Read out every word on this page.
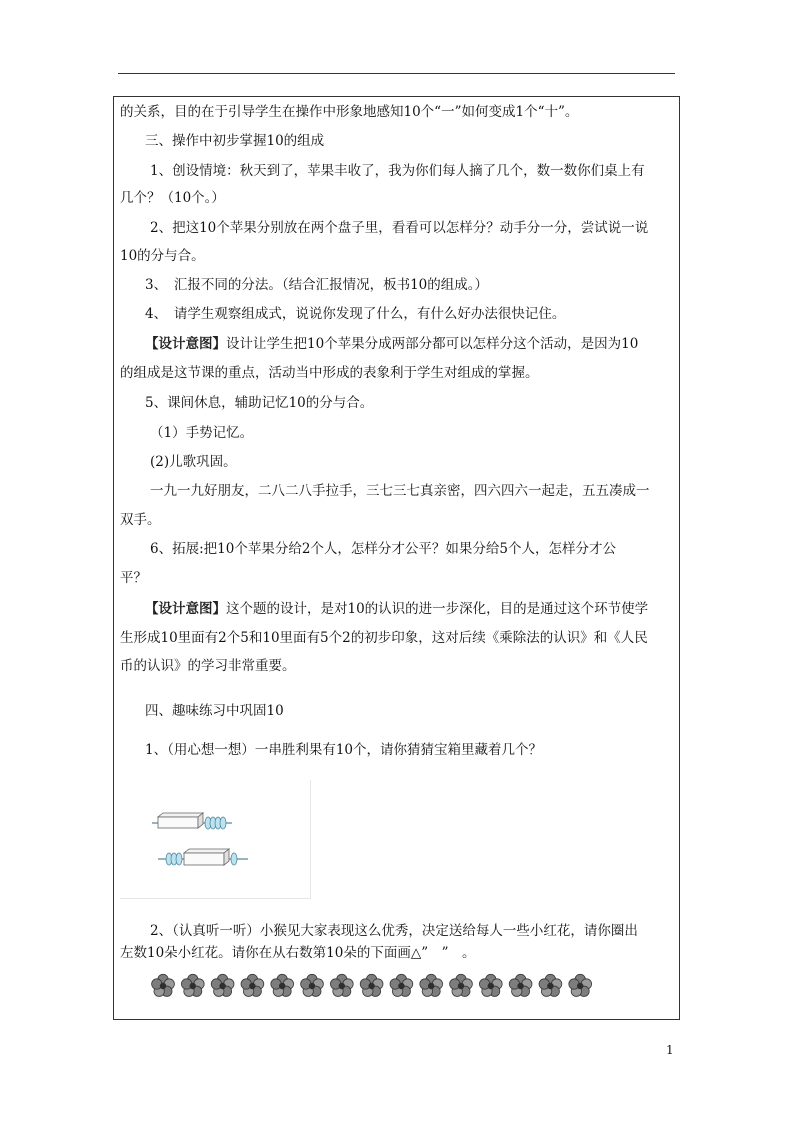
的关系，目的在于引导学生在操作中形象地感知10个“一”如何变成1个“十”。
三、操作中初步掌握10的组成
1、创设情境：秋天到了，苹果丰收了，我为你们每人摘了几个，数一数你们桌上有
几个？（10个。）
2、把这10个苹果分别放在两个盘子里，看看可以怎样分？动手分一分，尝试说一说
10的分与合。
3、　汇报不同的分法。（结合汇报情况，板书10的组成。）
4、　请学生观察组成式，说说你发现了什么，有什么好办法很快记住。
【设计意图】设计让学生把10个苹果分成两部分都可以怎样分这个活动，是因为10
的组成是这节课的重点，活动当中形成的表象利于学生对组成的掌握。
5、课间休息，辅助记忆10的分与合。
（1）手势记忆。
(2)儿歌巩固。
一九一九好朋友，二八二八手拉手，三七三七真亲密，四六四六一起走，五五凑成一
双手。
6、拓展:把10个苹果分给2个人，怎样分才公平？如果分给5个人，怎样分才公
平？
【设计意图】这个题的设计，是对10的认识的进一步深化，目的是通过这个环节使学
生形成10里面有2个5和10里面有5个2的初步印象，这对后续《乘除法的认识》和《人民
币的认识》的学习非常重要。
四、趣味练习中巩固10
1、（用心想一想）一串胜利果有10个，请你猜猜宝箱里藏着几个？
2、（认真听一听）小猴见大家表现这么优秀，决定送给每人一些小红花，请你圈出
左数10朵小红花。请你在从右数第10朵的下面画△”　”　。
1
